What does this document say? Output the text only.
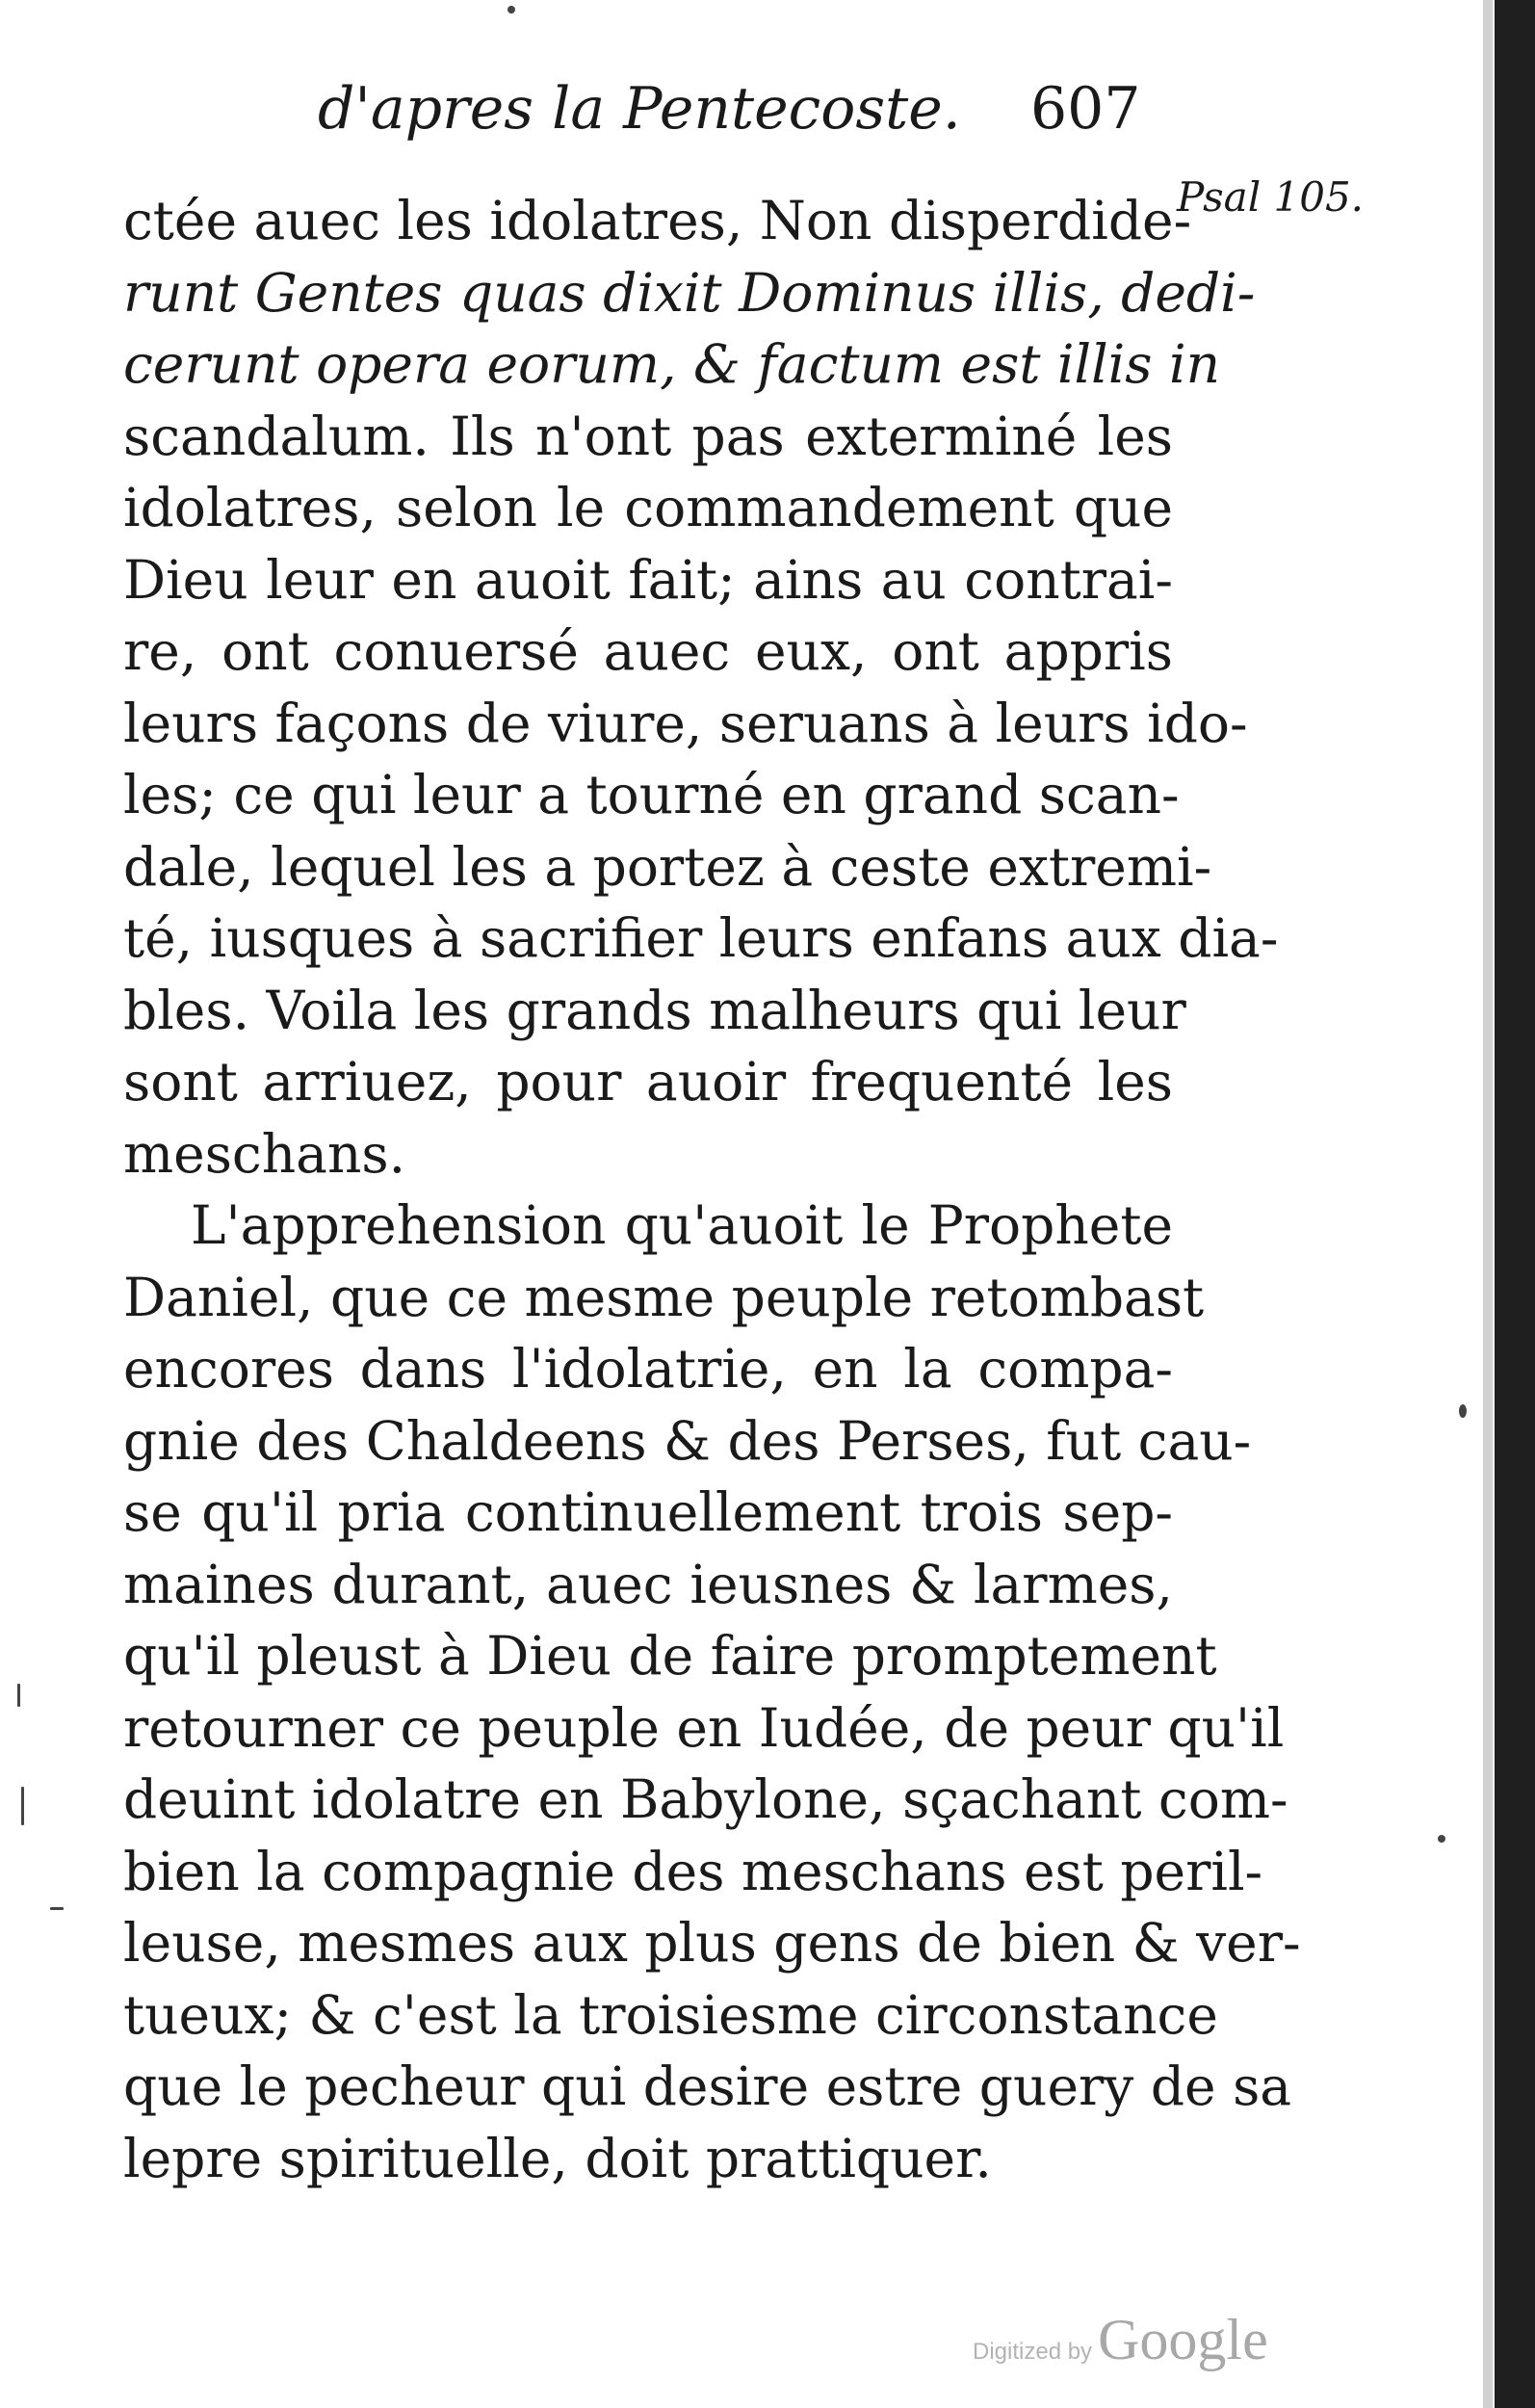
d'apres la Pentecoste. 607
Psal 105.
ctée auec les idolatres, Non disperdide-
runt Gentes quas dixit Dominus illis, dedi-
cerunt opera eorum, & factum est illis in
scandalum. Ils n'ont pas exterminé les
idolatres, selon le commandement que
Dieu leur en auoit fait; ains au contrai-
re, ont conuersé auec eux, ont appris
leurs façons de viure, seruans à leurs ido-
les; ce qui leur a tourné en grand scan-
dale, lequel les a portez à ceste extremi-
té, iusques à sacrifier leurs enfans aux dia-
bles. Voila les grands malheurs qui leur
sont arriuez, pour auoir frequenté les
meschans.
L'apprehension qu'auoit le Prophete
Daniel, que ce mesme peuple retombast
encores dans l'idolatrie, en la compa-
gnie des Chaldeens & des Perses, fut cau-
se qu'il pria continuellement trois sep-
maines durant, auec ieusnes & larmes,
qu'il pleust à Dieu de faire promptement
retourner ce peuple en Iudée, de peur qu'il
deuint idolatre en Babylone, sçachant com-
bien la compagnie des meschans est peril-
leuse, mesmes aux plus gens de bien & ver-
tueux; & c'est la troisiesme circonstance
que le pecheur qui desire estre guery de sa
lepre spirituelle, doit prattiquer.
Digitized by Google
